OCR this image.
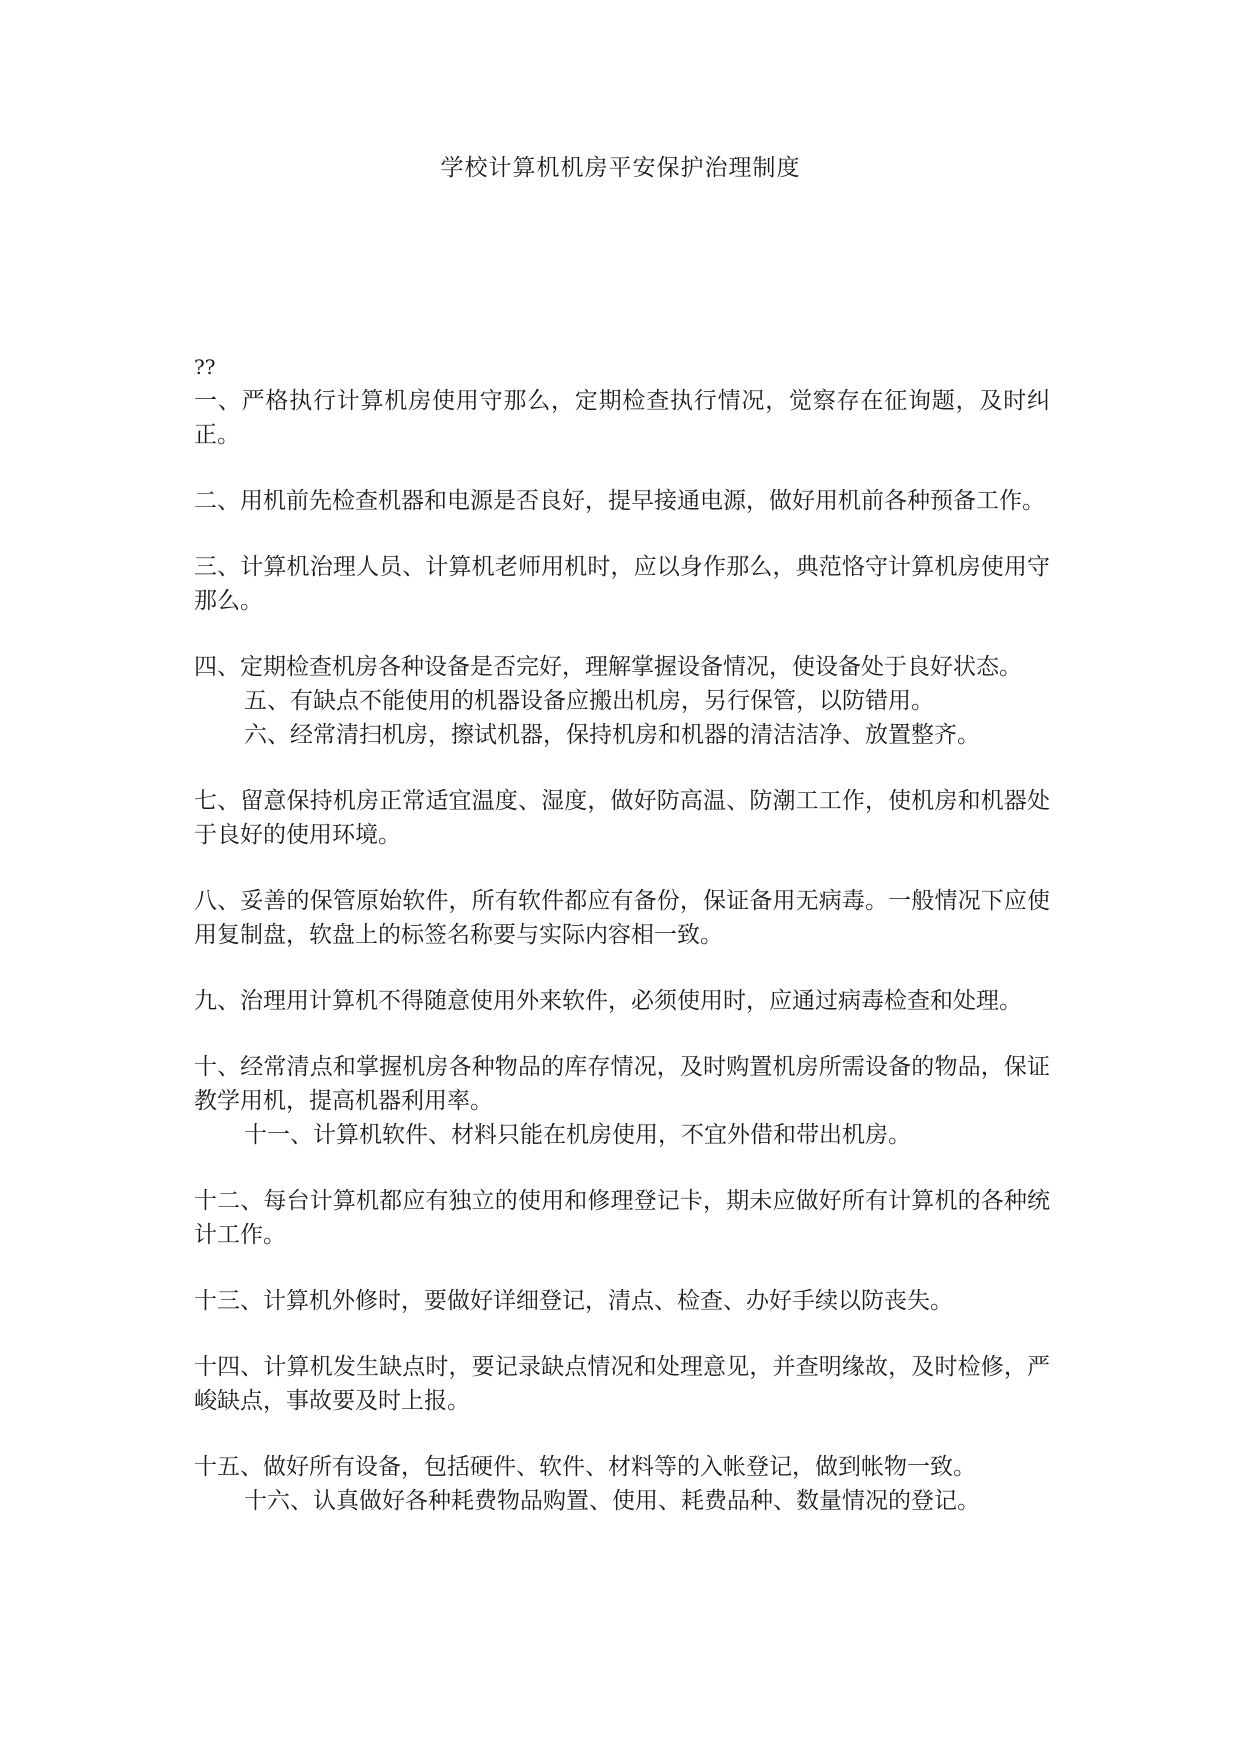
学校计算机机房平安保护治理制度
??

一、严格执行计算机房使用守那么，定期检查执行情况，觉察存在征询题，及时纠正。

二、用机前先检查机器和电源是否良好，提早接通电源，做好用机前各种预备工作。

三、计算机治理人员、计算机老师用机时，应以身作那么，典范恪守计算机房使用守那么。

四、定期检查机房各种设备是否完好，理解掌握设备情况，使设备处于良好状态。

五、有缺点不能使用的机器设备应搬出机房，另行保管，以防错用。

六、经常清扫机房，擦试机器，保持机房和机器的清洁洁净、放置整齐。

七、留意保持机房正常适宜温度、湿度，做好防高温、防潮工工作，使机房和机器处于良好的使用环境。

八、妥善的保管原始软件，所有软件都应有备份，保证备用无病毒。一般情况下应使用复制盘，软盘上的标签名称要与实际内容相一致。

九、治理用计算机不得随意使用外来软件，必须使用时，应通过病毒检查和处理。

十、经常清点和掌握机房各种物品的库存情况，及时购置机房所需设备的物品，保证教学用机，提高机器利用率。

十一、计算机软件、材料只能在机房使用，不宜外借和带出机房。

十二、每台计算机都应有独立的使用和修理登记卡，期未应做好所有计算机的各种统计工作。

十三、计算机外修时，要做好详细登记，清点、检查、办好手续以防丧失。

十四、计算机发生缺点时，要记录缺点情况和处理意见，并查明缘故，及时检修，严峻缺点，事故要及时上报。

十五、做好所有设备，包括硬件、软件、材料等的入帐登记，做到帐物一致。

十六、认真做好各种耗费物品购置、使用、耗费品种、数量情况的登记。
